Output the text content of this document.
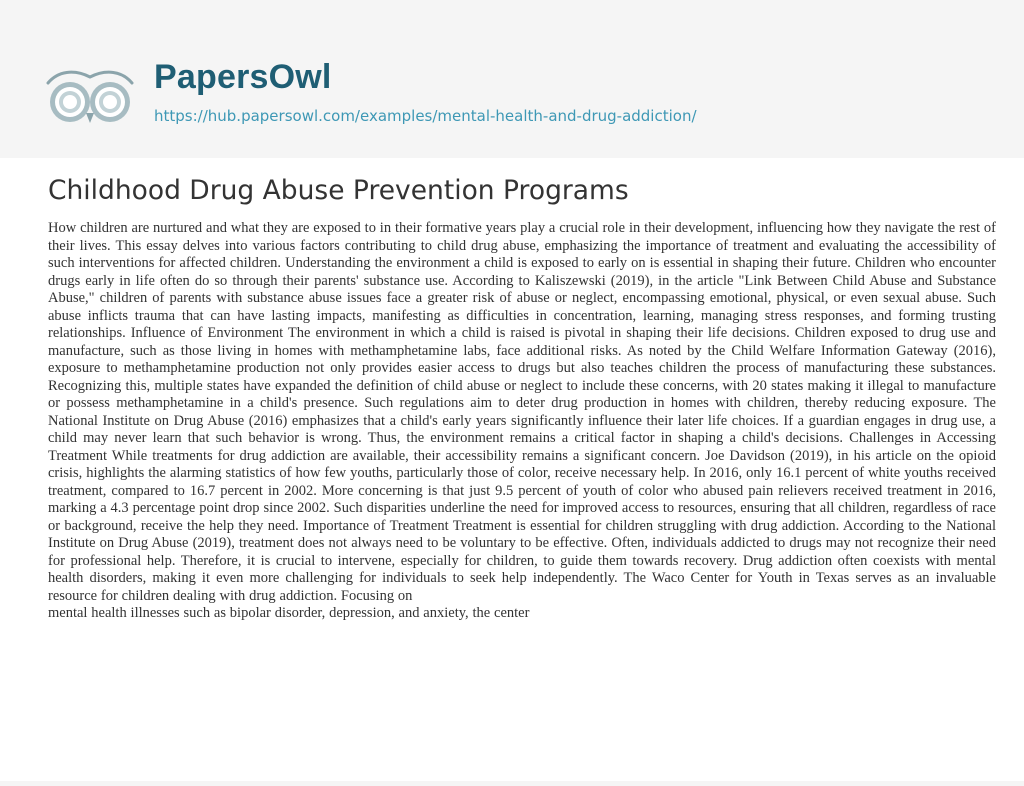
PapersOwl
https://hub.papersowl.com/examples/mental-health-and-drug-addiction/
Childhood Drug Abuse Prevention Programs
How children are nurtured and what they are exposed to in their formative years play a crucial role in their development, influencing how they navigate the rest of their lives. This essay delves into various factors contributing to child drug abuse, emphasizing the importance of treatment and evaluating the accessibility of such interventions for affected children. Understanding the environment a child is exposed to early on is essential in shaping their future. Children who encounter drugs early in life often do so through their parents' substance use. According to Kaliszewski (2019), in the article "Link Between Child Abuse and Substance Abuse," children of parents with substance abuse issues face a greater risk of abuse or neglect, encompassing emotional, physical, or even sexual abuse. Such abuse inflicts trauma that can have lasting impacts, manifesting as difficulties in concentration, learning, managing stress responses, and forming trusting relationships. Influence of Environment The environment in which a child is raised is pivotal in shaping their life decisions. Children exposed to drug use and manufacture, such as those living in homes with methamphetamine labs, face additional risks. As noted by the Child Welfare Information Gateway (2016), exposure to methamphetamine production not only provides easier access to drugs but also teaches children the process of manufacturing these substances. Recognizing this, multiple states have expanded the definition of child abuse or neglect to include these concerns, with 20 states making it illegal to manufacture or possess methamphetamine in a child's presence. Such regulations aim to deter drug production in homes with children, thereby reducing exposure. The National Institute on Drug Abuse (2016) emphasizes that a child's early years significantly influence their later life choices. If a guardian engages in drug use, a child may never learn that such behavior is wrong. Thus, the environment remains a critical factor in shaping a child's decisions. Challenges in Accessing Treatment While treatments for drug addiction are available, their accessibility remains a significant concern. Joe Davidson (2019), in his article on the opioid crisis, highlights the alarming statistics of how few youths, particularly those of color, receive necessary help. In 2016, only 16.1 percent of white youths received treatment, compared to 16.7 percent in 2002. More concerning is that just 9.5 percent of youth of color who abused pain relievers received treatment in 2016, marking a 4.3 percentage point drop since 2002. Such disparities underline the need for improved access to resources, ensuring that all children, regardless of race or background, receive the help they need. Importance of Treatment Treatment is essential for children struggling with drug addiction. According to the National Institute on Drug Abuse (2019), treatment does not always need to be voluntary to be effective. Often, individuals addicted to drugs may not recognize their need for professional help. Therefore, it is crucial to intervene, especially for children, to guide them towards recovery. Drug addiction often coexists with mental health disorders, making it even more challenging for individuals to seek help independently. The Waco Center for Youth in Texas serves as an invaluable resource for children dealing with drug addiction. Focusing on
mental health illnesses such as bipolar disorder, depression, and anxiety, the center
